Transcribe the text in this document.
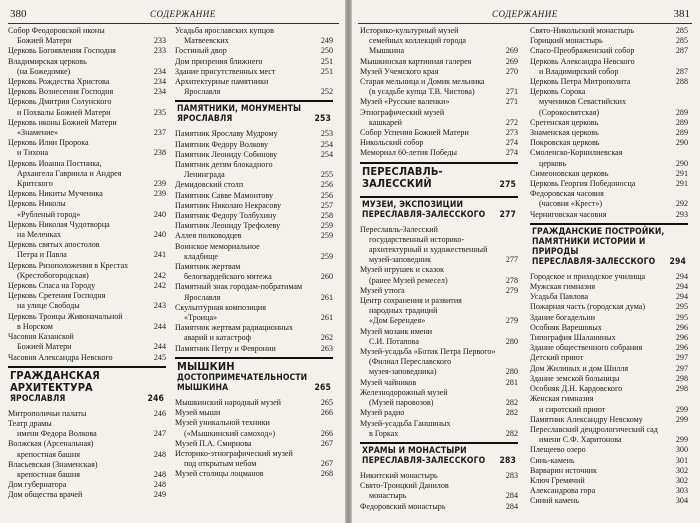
380	СОДЕРЖАНИЕ
Собор Феодоровской иконы
Божией Матери	233
Церковь Богоявления Господня	233
Владимирская церковь
(на Божедомке)	234
Церковь Рождества Христова	234
Церковь Вознесения Господня	234
Церковь Дмитрия Солунского
и Похвалы Божией Матери	235
Церковь иконы Божией Матери
«Знамение»	237
Церковь Илии Пророка
и Тихона	238
Церковь Иоанна Постника,
Архангела Гавриила и Андрея
Критского	239
Церковь Никиты Мученика	239
Церковь Николы
«Рубленый город»	240
Церковь Николая Чудотворца
на Меленках	240
Церковь святых апостолов
Петра и Павла	241
Церковь Ризоположения в Крестах
(Крестобогородская)	242
Церковь Спаса на Городу	242
Церковь Сретения Господня
на улице Свободы	243
Церковь Троицы Живоначальной
в Норском	244
Часовня Казанской
Божией Матери	244
Часовня Александра Невского	245
ГРАЖДАНСКАЯ АРХИТЕКТУРА
ЯРОСЛАВЛЯ	246
Митрополичьи палаты	246
Театр драмы
имени Федора Волкова	247
Волжская (Арсенальная)
крепостная башня	248
Власьевская (Знаменская)
крепостная башня	248
Дом губернатора	248
Дом общества врачей	249
Усадьба ярославских купцов
Матвеевских	249
Гостиный двор	250
Дом призрения ближнего	251
Здание присутственных мест	251
Архитектурные памятники
Ярославля	252
ПАМЯТНИКИ, МОНУМЕНТЫ
ЯРОСЛАВЛЯ	253
Памятник Ярославу Мудрому	253
Памятник Федору Волкову	254
Памятник Леониду Собинову	254
Памятник детям блокадного
Ленинграда	255
Демидовский столп	256
Памятник Савве Мамонтову	256
Памятник Николаю Некрасову	257
Памятник Федору Толбухину	258
Памятник Леониду Трефолеву	259
Аллея полководцев	259
Воинское мемориальное
кладбище	259
Памятник жертвам
белогвардейского мятежа	260
Памятный знак городам-побратимам
Ярославля	261
Скульптурная композиция
«Троица»	261
Памятник жертвам радиационных
аварий и катастроф	262
Памятник Петру и Февронии	263
МЫШКИН
ДОСТОПРИМЕЧАТЕЛЬНОСТИ МЫШКИНА	265
Мышкинский народный музей	265
Музей мыши	266
Музей уникальной техники
(«Мышкинский самоход»)	266
Музей П.А. Смирнова	267
Историко-этнографический музей
под открытым небом	267
Музей столицы лоцманов	268
СОДЕРЖАНИЕ	381
Историко-культурный музей
семейных коллекций города
Мышкина	269
Мышкинская картинная галерея	269
Музей Учемского края	270
Старая мельница и Домик мельника
(в усадьбе купца Т.В. Чистова)	271
Музей «Русские валенки»	271
Этнографический музей
кашкарей	272
Собор Успения Божией Матери	273
Никольский собор	274
Мемориал 60-летия Победы	274
ПЕРЕСЛАВЛЬ-ЗАЛЕССКИЙ	275
МУЗЕИ, ЭКСПОЗИЦИИ
ПЕРЕСЛАВЛЯ-ЗАЛЕССКОГО	277
Переславль-Залесский
государственный историко-
архитектурный и художественный
музей-заповедник	277
Музей игрушек и сказок
(ранее Музей ремесел)	278
Музей утюга	279
Центр сохранения и развития
народных традиций
«Дом Берендея»	279
Музей мозаик имени
С.И. Потапова	280
Музей-усадьба «Ботик Петра Первого»
(Филиал Переславского
музея-заповедника)	280
Музей чайников	281
Железнодорожный музей
(Музей паровозов)	282
Музей радио	282
Музей-усадьба Ганшиных
в Горках	282
ХРАМЫ И МОНАСТЫРИ
ПЕРЕСЛАВЛЯ-ЗАЛЕССКОГО	283
Никитский монастырь	283
Свято-Троицкий Данилов
монастырь	284
Федоровский монастырь	284
Свято-Никольский монастырь	285
Горицкий монастырь	285
Спасо-Преображенский собор	287
Церковь Александра Невского
и Владимирский собор	287
Церковь Петра Митрополита	288
Церковь Сорока
мучеников Севастийских
(Сорокосвятская)	289
Сретенская церковь	289
Знаменская церковь	289
Покровская церковь	290
Смоленско-Корнилиевская
церковь	290
Симеоновская церковь	291
Церковь Георгия Победоносца	291
Федоровская часовня
(часовня «Крест»)	292
Черниговская часовня	293
ГРАЖДАНСКИЕ ПОСТРОЙКИ, ПАМЯТНИКИ ИСТОРИИ И ПРИРОДЫ
ПЕРЕСЛАВЛЯ-ЗАЛЕССКОГО	294
Городское и приходское училища	294
Мужская гимназия	294
Усадьба Павлова	294
Пожарная часть (городская дума)	295
Здание богадельни	295
Особняк Варешовых	296
Типография Шаланиных	296
Здание общественного собрания	296
Детский приют	297
Дом Жилиных и дом Шилля	297
Здание земской больницы	298
Особняк Д.Н. Кардовского	298
Женская гимназия
и сиротский приют	299
Памятник Александру Невскому	299
Переславский дендрологический сад
имени С.Ф. Харитонова	299
Плещеево озеро	300
Синь-камень	301
Варварин источник	302
Ключ Гремячий	302
Александрова гора	303
Синий камень	304
